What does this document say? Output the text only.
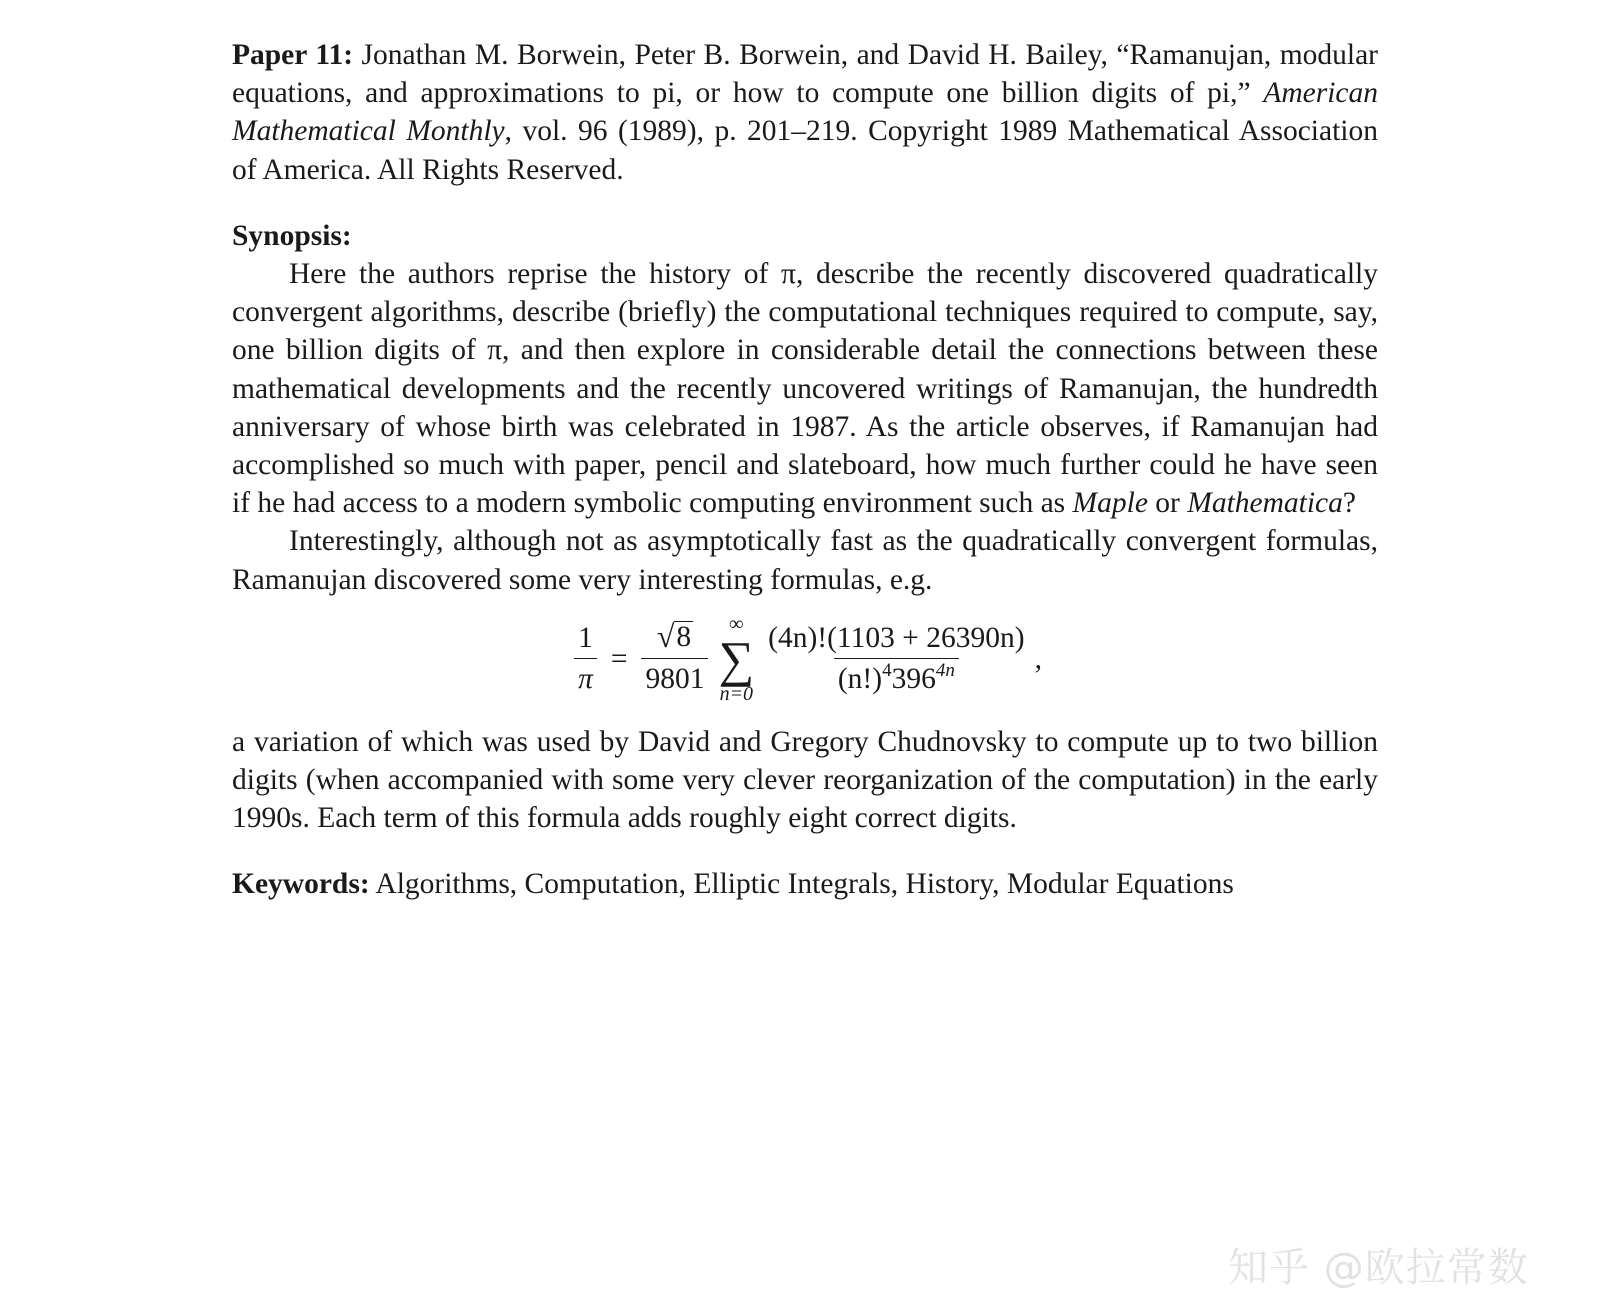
Paper 11: Jonathan M. Borwein, Peter B. Borwein, and David H. Bailey, “Ramanujan, modular equations, and approximations to pi, or how to compute one billion digits of pi,” American Mathematical Monthly, vol. 96 (1989), p. 201–219. Copyright 1989 Mathematical Association of America. All Rights Reserved.

Synopsis:

Here the authors reprise the history of π, describe the recently discovered quadratically convergent algorithms, describe (briefly) the computational techniques required to compute, say, one billion digits of π, and then explore in considerable detail the connections between these mathematical developments and the recently uncovered writings of Ramanujan, the hundredth anniversary of whose birth was celebrated in 1987. As the article observes, if Ramanujan had accomplished so much with paper, pencil and slateboard, how much further could he have seen if he had access to a modern symbolic computing environment such as Maple or Mathematica?

Interestingly, although not as asymptotically fast as the quadratically convergent formulas, Ramanujan discovered some very interesting formulas, e.g.

$\frac{1}{\pi} = \frac{√ 8}{9801}$ ∞
∑
$n=0 \frac{(4n)!(1103 + 26390n)}{(n!)^4396^{4n}}$ ,

a variation of which was used by David and Gregory Chudnovsky to compute up to two billion digits (when accompanied with some very clever reorganization of the computation) in the early 1990s. Each term of this formula adds roughly eight correct digits.

Keywords: Algorithms, Computation, Elliptic Integrals, History, Modular Equations

知乎 @欧拉常数
